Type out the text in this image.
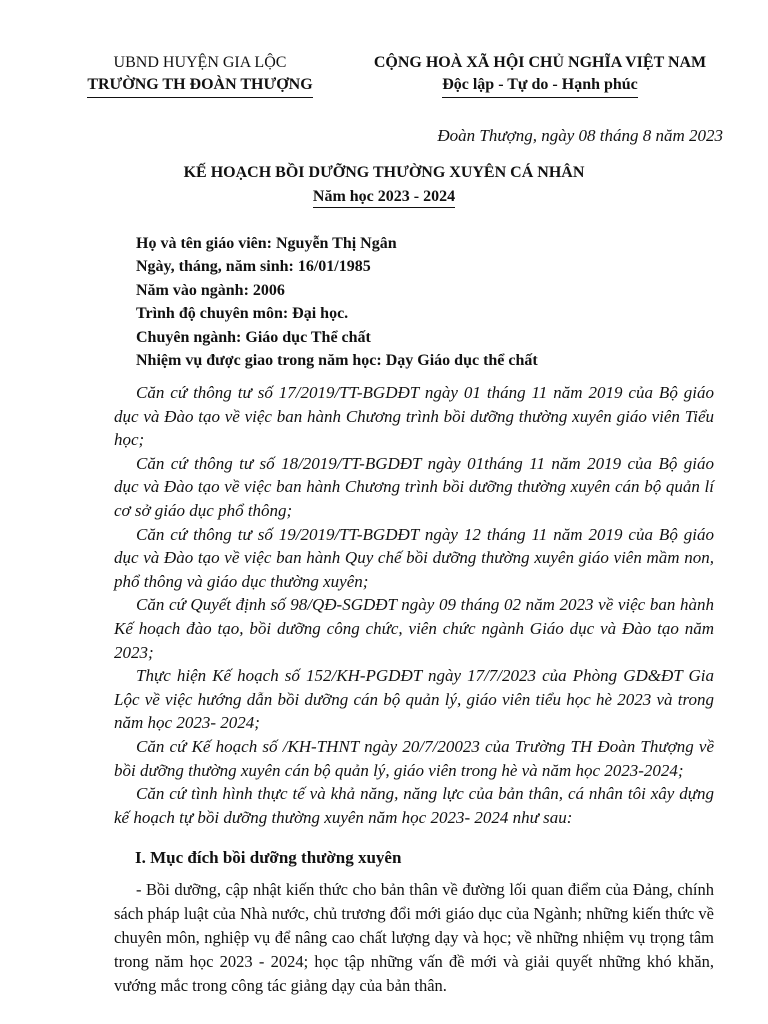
UBND HUYỆN GIA LỘC
TRƯỜNG TH ĐOÀN THƯỢNG
CỘNG HOÀ XÃ HỘI CHỦ NGHĨA VIỆT NAM
Độc lập - Tự do - Hạnh phúc
Đoàn Thượng, ngày 08 tháng 8 năm 2023
KẾ HOẠCH BỒI DƯỠNG THƯỜNG XUYÊN CÁ NHÂN
Năm học 2023 - 2024
Họ và tên giáo viên: Nguyễn Thị Ngân
Ngày, tháng, năm sinh: 16/01/1985
Năm vào ngành: 2006
Trình độ chuyên môn: Đại học.
Chuyên ngành: Giáo dục Thể chất
Nhiệm vụ được giao trong năm học: Dạy Giáo dục thể chất

Căn cứ thông tư số 17/2019/TT-BGDĐT ngày 01 tháng 11 năm 2019 của Bộ giáo dục và Đào tạo về việc ban hành Chương trình bồi dưỡng thường xuyên giáo viên Tiểu học;

Căn cứ thông tư số 18/2019/TT-BGDĐT ngày 01tháng 11 năm 2019 của Bộ giáo dục và Đào tạo về việc ban hành Chương trình bồi dưỡng thường xuyên cán bộ quản lí cơ sở giáo dục phổ thông;

Căn cứ thông tư số 19/2019/TT-BGDĐT ngày 12 tháng 11 năm 2019 của Bộ giáo dục và Đào tạo về việc ban hành Quy chế bồi dưỡng thường xuyên giáo viên mầm non, phổ thông và giáo dục thường xuyên;

Căn cứ Quyết định số 98/QĐ-SGDĐT ngày 09 tháng 02 năm 2023 về việc ban hành Kế hoạch đào tạo, bồi dưỡng công chức, viên chức ngành Giáo dục và Đào tạo năm 2023;

Thực hiện Kế hoạch số 152/KH-PGDĐT ngày 17/7/2023 của Phòng GD&ĐT Gia Lộc về việc hướng dẫn bồi dưỡng cán bộ quản lý, giáo viên tiểu học hè 2023 và trong năm học 2023- 2024;

Căn cứ Kế hoạch số /KH-THNT ngày 20/7/20023 của Trường TH Đoàn Thượng về bồi dưỡng thường xuyên cán bộ quản lý, giáo viên trong hè và năm học 2023-2024;

Căn cứ tình hình thực tế và khả năng, năng lực của bản thân, cá nhân tôi xây dựng kế hoạch tự bồi dưỡng thường xuyên năm học 2023- 2024 như sau:

I. Mục đích bồi dưỡng thường xuyên

- Bồi dưỡng, cập nhật kiến thức cho bản thân về đường lối quan điểm của Đảng, chính sách pháp luật của Nhà nước, chủ trương đổi mới giáo dục của Ngành; những kiến thức về chuyên môn, nghiệp vụ để nâng cao chất lượng dạy và học; về những nhiệm vụ trọng tâm trong năm học 2023 - 2024; học tập những vấn đề mới và giải quyết những khó khăn, vướng mắc trong công tác giảng dạy của bản thân.
